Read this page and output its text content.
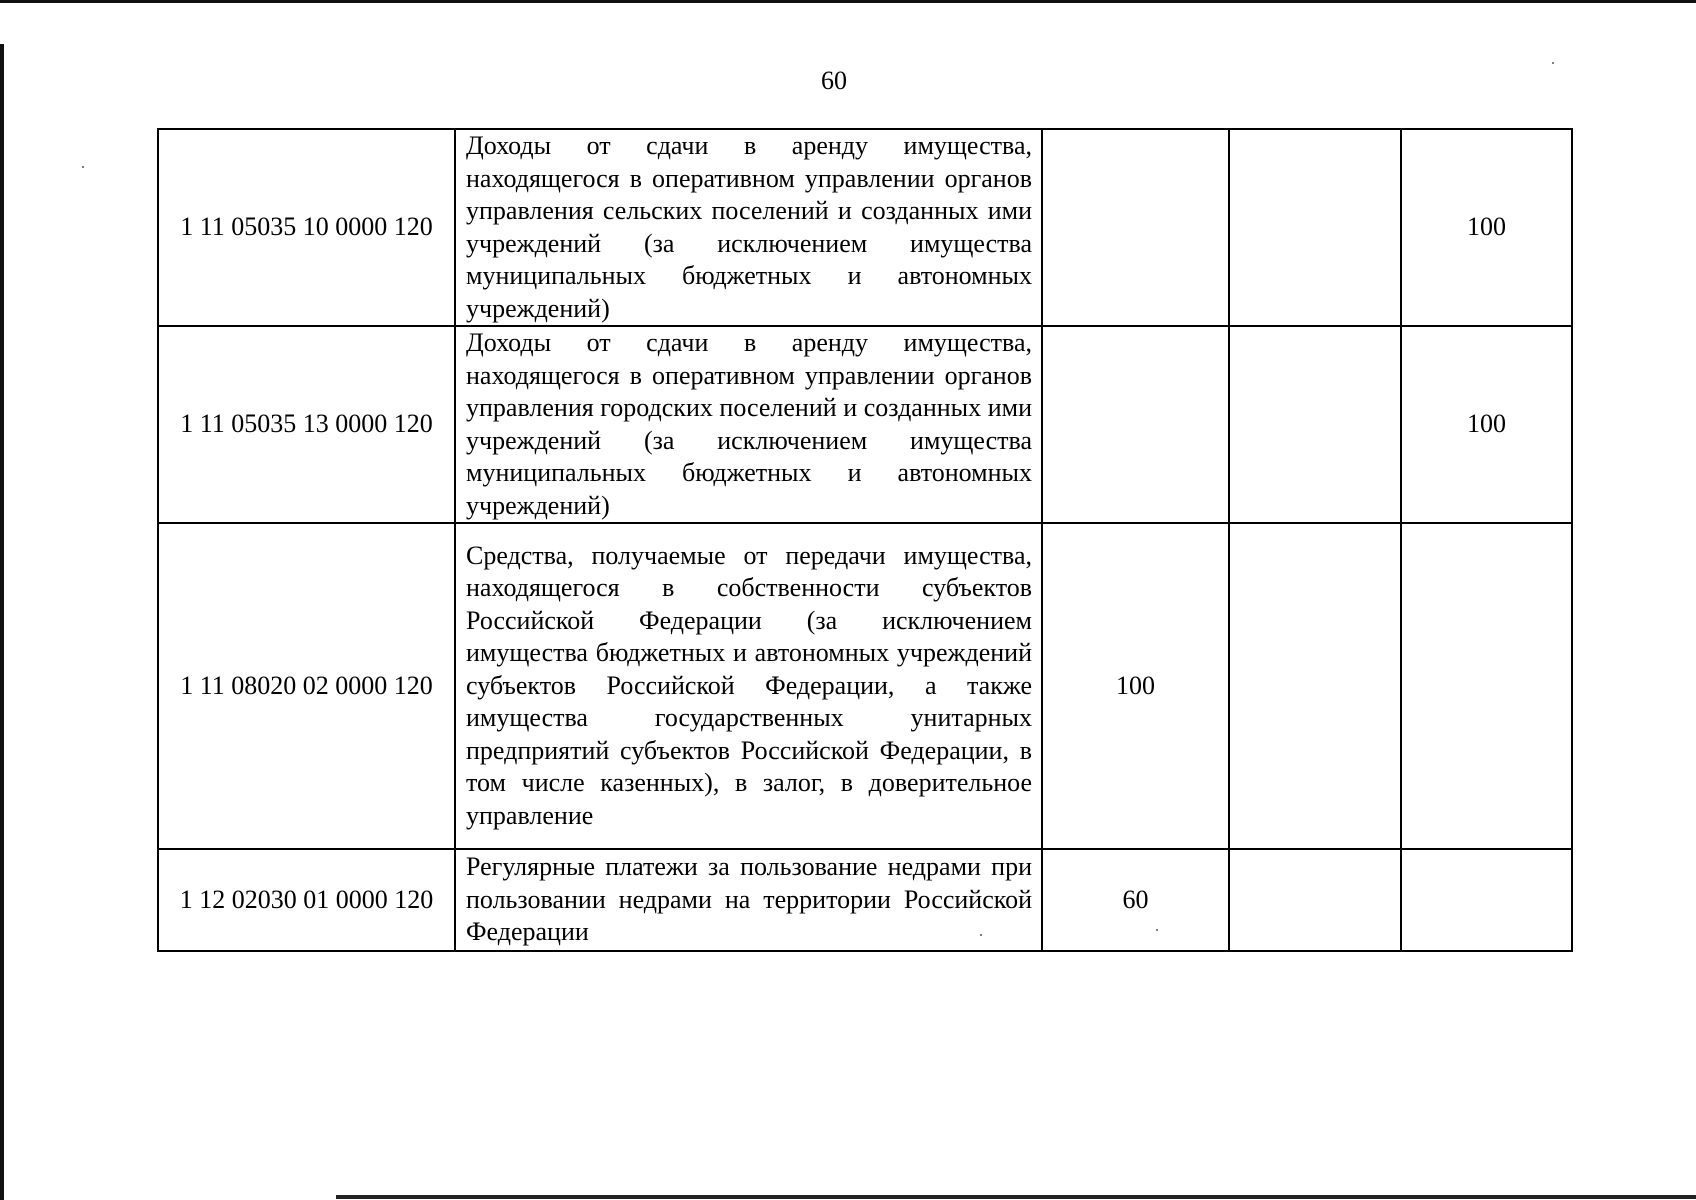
60
1 11 05035 10 0000 120	Доходы от сдачи в аренду имущества, находящегося в оперативном управлении органов управления сельских поселений и созданных ими учреждений (за исключением имущества муниципальных бюджетных и автономных учреждений)			100
1 11 05035 13 0000 120	Доходы от сдачи в аренду имущества, находящегося в оперативном управлении органов управления городских поселений и созданных ими учреждений (за исключением имущества муниципальных бюджетных и автономных учреждений)			100
1 11 08020 02 0000 120	Средства, получаемые от передачи имущества, находящегося в собственности субъектов Российской Федерации (за исключением имущества бюджетных и автономных учреждений субъектов Российской Федерации, а также имущества государственных унитарных предприятий субъектов Российской Федерации, в том числе казенных), в залог, в доверительное управление	100		
1 12 02030 01 0000 120	Регулярные платежи за пользование недрами при пользовании недрами на территории Российской Федерации	60		
